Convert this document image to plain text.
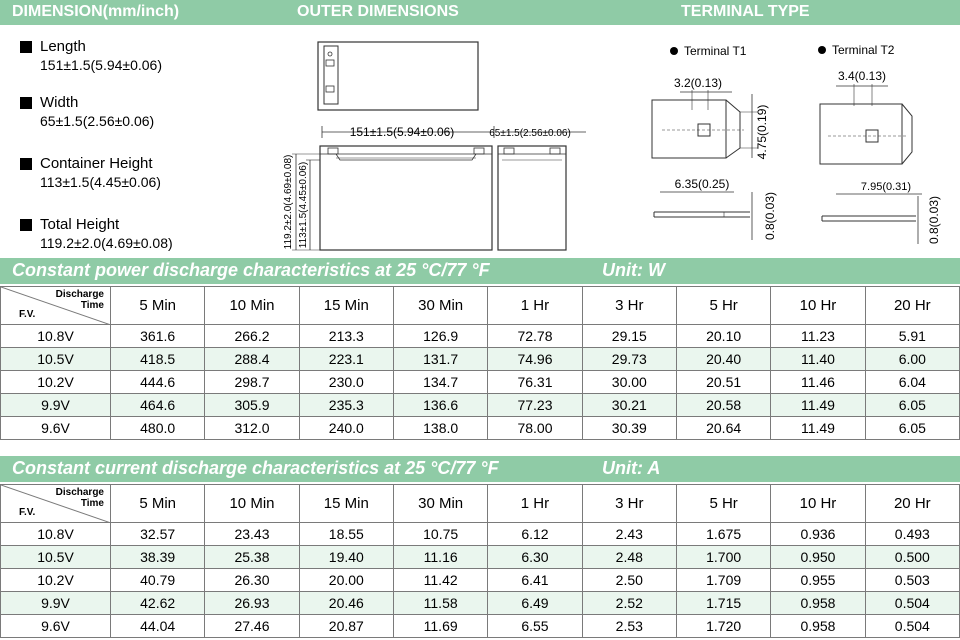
DIMENSION(mm/inch)	OUTER DIMENSIONS	TERMINAL TYPE
Length
151±1.5(5.94±0.06)
Width
65±1.5(2.56±0.06)
Container Height
113±1.5(4.45±0.06)
Total Height
119.2±2.0(4.69±0.08)
151±1.5(5.94±0.06)
119.2±2.0(4.69±0.08) 113±1.5(4.45±0.06)
65±1.5(2.56±0.06)
Terminal T1	Terminal T2
3.2(0.13)
4.75(0.19)
6.35(0.25)
0.8(0.03)
3.4(0.13)
7.95(0.31)
0.8(0.03)
Constant power discharge characteristics at 25 °C/77 °F	Unit: W
Discharge
Time
F.V.	5 Min	10 Min	15 Min	30 Min	1 Hr	3 Hr	5 Hr	10 Hr	20 Hr
10.8V	361.6	266.2	213.3	126.9	72.78	29.15	20.10	11.23	5.91
10.5V	418.5	288.4	223.1	131.7	74.96	29.73	20.40	11.40	6.00
10.2V	444.6	298.7	230.0	134.7	76.31	30.00	20.51	11.46	6.04
9.9V	464.6	305.9	235.3	136.6	77.23	30.21	20.58	11.49	6.05
9.6V	480.0	312.0	240.0	138.0	78.00	30.39	20.64	11.49	6.05
Constant current discharge characteristics at 25 °C/77 °F	Unit: A
Discharge
Time
F.V.	5 Min	10 Min	15 Min	30 Min	1 Hr	3 Hr	5 Hr	10 Hr	20 Hr
10.8V	32.57	23.43	18.55	10.75	6.12	2.43	1.675	0.936	0.493
10.5V	38.39	25.38	19.40	11.16	6.30	2.48	1.700	0.950	0.500
10.2V	40.79	26.30	20.00	11.42	6.41	2.50	1.709	0.955	0.503
9.9V	42.62	26.93	20.46	11.58	6.49	2.52	1.715	0.958	0.504
9.6V	44.04	27.46	20.87	11.69	6.55	2.53	1.720	0.958	0.504
